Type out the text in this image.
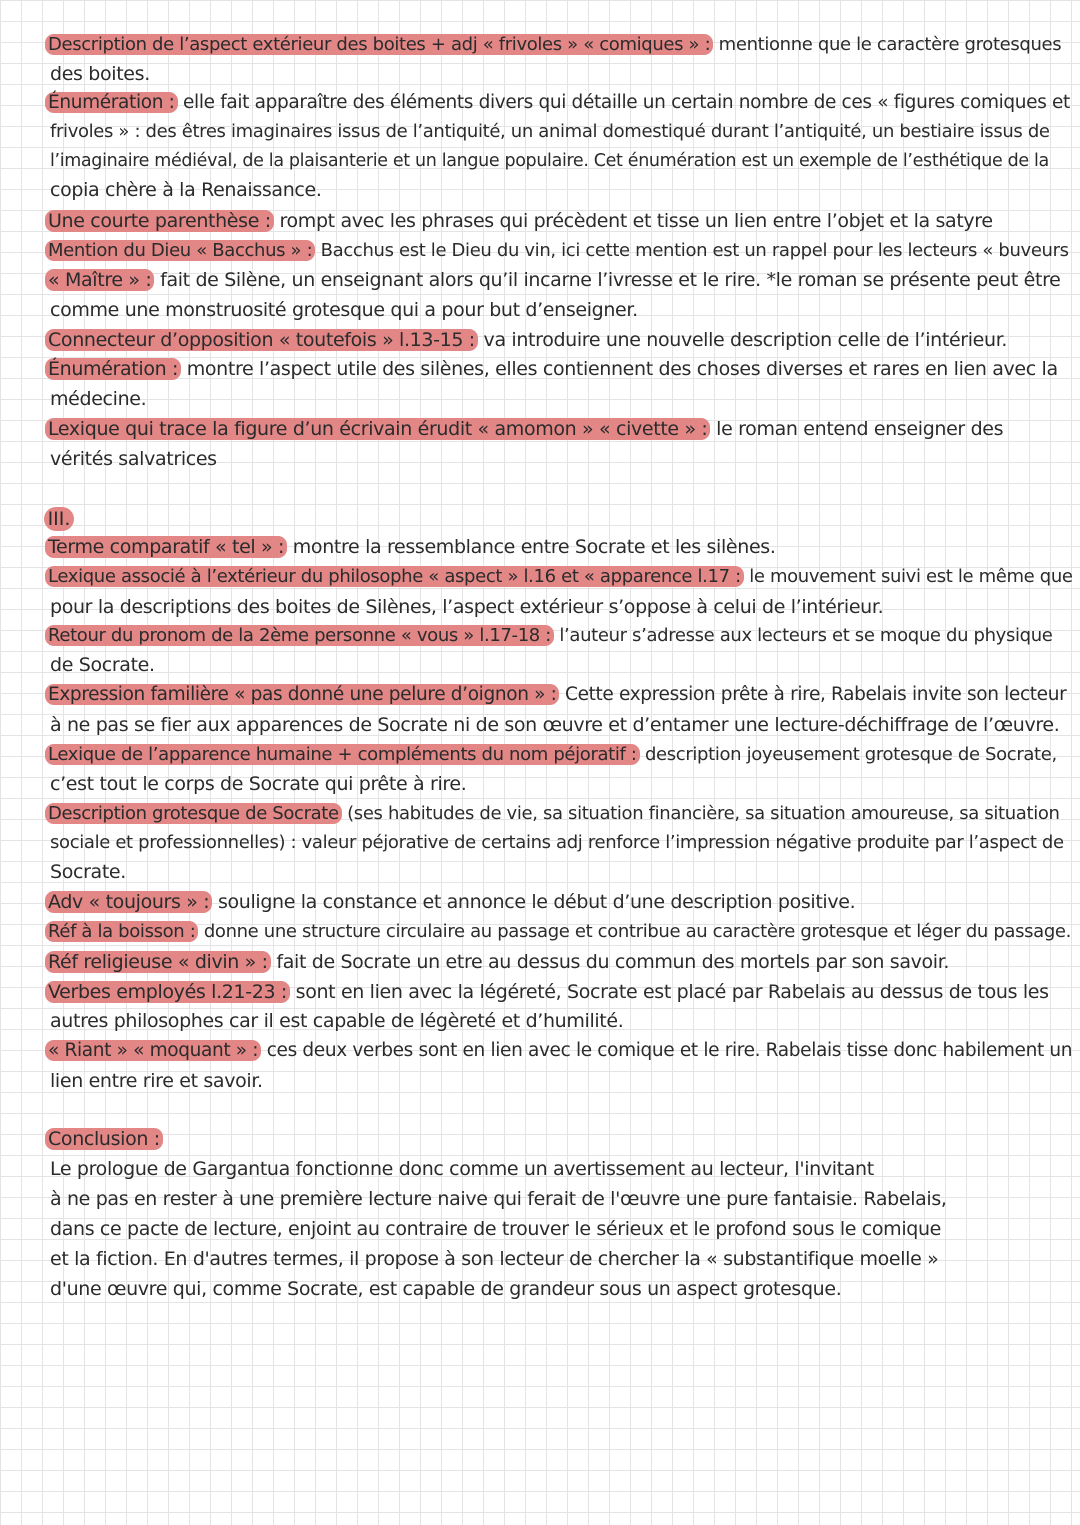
Description de l’aspect extérieur des boites + adj « frivoles » « comiques » : mentionne que le caractère grotesques
des boites.
Énumération : elle fait apparaître des éléments divers qui détaille un certain nombre de ces « figures comiques et
frivoles » : des êtres imaginaires issus de l’antiquité, un animal domestiqué durant l’antiquité, un bestiaire issus de
l’imaginaire médiéval, de la plaisanterie et un langue populaire. Cet énumération est un exemple de l’esthétique de la
copia chère à la Renaissance.
Une courte parenthèse : rompt avec les phrases qui précèdent et tisse un lien entre l’objet et la satyre
Mention du Dieu « Bacchus » : Bacchus est le Dieu du vin, ici cette mention est un rappel pour les lecteurs « buveurs
« Maître » : fait de Silène, un enseignant alors qu’il incarne l’ivresse et le rire. *le roman se présente peut être
comme une monstruosité grotesque qui a pour but d’enseigner.
Connecteur d’opposition « toutefois » l.13-15 : va introduire une nouvelle description celle de l’intérieur.
Énumération : montre l’aspect utile des silènes, elles contiennent des choses diverses et rares en lien avec la
médecine.
Lexique qui trace la figure d’un écrivain érudit « amomon » « civette » : le roman entend enseigner des
vérités salvatrices
III.
Terme comparatif « tel » : montre la ressemblance entre Socrate et les silènes.
Lexique associé à l’extérieur du philosophe « aspect » l.16 et « apparence l.17 : le mouvement suivi est le même que
pour la descriptions des boites de Silènes, l’aspect extérieur s’oppose à celui de l’intérieur.
Retour du pronom de la 2ème personne « vous » l.17-18 : l’auteur s’adresse aux lecteurs et se moque du physique
de Socrate.
Expression familière « pas donné une pelure d’oignon » : Cette expression prête à rire, Rabelais invite son lecteur
à ne pas se fier aux apparences de Socrate ni de son œuvre et d’entamer une lecture-déchiffrage de l’œuvre.
Lexique de l’apparence humaine + compléments du nom péjoratif : description joyeusement grotesque de Socrate,
c’est tout le corps de Socrate qui prête à rire.
Description grotesque de Socrate (ses habitudes de vie, sa situation financière, sa situation amoureuse, sa situation
sociale et professionnelles) : valeur péjorative de certains adj renforce l’impression négative produite par l’aspect de
Socrate.
Adv « toujours » : souligne la constance et annonce le début d’une description positive.
Réf à la boisson : donne une structure circulaire au passage et contribue au caractère grotesque et léger du passage.
Réf religieuse « divin » : fait de Socrate un etre au dessus du commun des mortels par son savoir.
Verbes employés l.21-23 : sont en lien avec la légéreté, Socrate est placé par Rabelais au dessus de tous les
autres philosophes car il est capable de légèreté et d’humilité.
« Riant » « moquant » : ces deux verbes sont en lien avec le comique et le rire. Rabelais tisse donc habilement un
lien entre rire et savoir.
Conclusion :
Le prologue de Gargantua fonctionne donc comme un avertissement au lecteur, l'invitant
à ne pas en rester à une première lecture naive qui ferait de l'œuvre une pure fantaisie. Rabelais,
dans ce pacte de lecture, enjoint au contraire de trouver le sérieux et le profond sous le comique
et la fiction. En d'autres termes, il propose à son lecteur de chercher la « substantifique moelle »
d'une œuvre qui, comme Socrate, est capable de grandeur sous un aspect grotesque.
